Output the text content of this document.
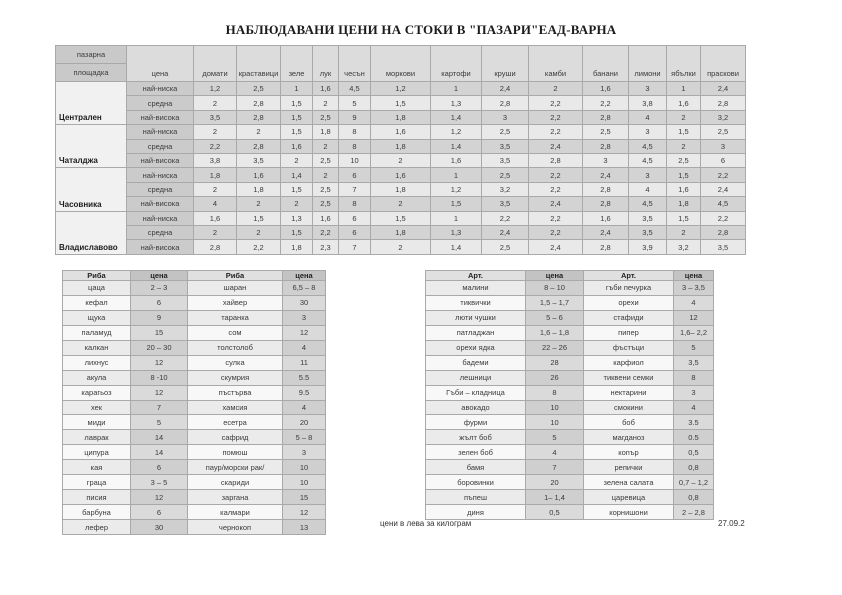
НАБЛЮДАВАНИ ЦЕНИ НА СТОКИ В "ПАЗАРИ"ЕАД-ВАРНА
пазарна	цена	домати	краставици	зеле	лук	чесън	моркови	картофи	круши	камби	банани	лимони	ябълки	праскови
площадка														
Централен	най-ниска	1,2	2,5	1	1,6	4,5	1,2	1	2,4	2	1,6	3	1	2,4
	средна	2	2,8	1,5	2	5	1,5	1,3	2,8	2,2	2,2	3,8	1,6	2,8
	най-висока	3,5	2,8	1,5	2,5	9	1,8	1,4	3	2,2	2,8	4	2	3,2
Чаталджа	най-ниска	2	2	1,5	1,8	8	1,6	1,2	2,5	2,2	2,5	3	1,5	2,5
	средна	2,2	2,8	1,6	2	8	1,8	1,4	3,5	2,4	2,8	4,5	2	3
	най-висока	3,8	3,5	2	2,5	10	2	1,6	3,5	2,8	3	4,5	2,5	6
Часовника	най-ниска	1,8	1,6	1,4	2	6	1,6	1	2,5	2,2	2,4	3	1,5	2,2
	средна	2	1,8	1,5	2,5	7	1,8	1,2	3,2	2,2	2,8	4	1,6	2,4
	най-висока	4	2	2	2,5	8	2	1,5	3,5	2,4	2,8	4,5	1,8	4,5
Владиславово	най-ниска	1,6	1,5	1,3	1,6	6	1,5	1	2,2	2,2	1,6	3,5	1,5	2,2
	средна	2	2	1,5	2,2	6	1,8	1,3	2,4	2,2	2,4	3,5	2	2,8
	най-висока	2,8	2,2	1,8	2,3	7	2	1,4	2,5	2,4	2,8	3,9	3,2	3,5
Риба	цена	Риба	цена
цаца	2 – 3	шаран	6,5 – 8
кефал	6	хайвер	30
щука	9	таранка	3
паламуд	15	сом	12
калкан	20 – 30	толстолоб	4
лихнус	12	сулка	11
акула	8 -10	скумрия	5.5
карагьоз	12	пъстърва	9.5
хек	7	хамсия	4
миди	5	есетра	20
лаврак	14	сафрид	5 – 8
ципура	14	помюш	3
кая	6	паур/морски рак/	10
граца	3 – 5	скариди	10
писия	12	заргана	15
барбуна	6	калмари	12
лефер	30	чернокоп	13
Арт.	цена	Арт.	цена
малини	8 – 10	гъби печурка	3 – 3,5
тиквички	1,5 – 1,7	орехи	4
люти чушки	5 – 6	стафиди	12
патладжан	1,6 – 1,8	пипер	1,6– 2,2
орехи ядка	22 – 26	фъстъци	5
бадеми	28	карфиол	3,5
лешници	26	тиквени семки	8
Гъби – кладница	8	нектарини	3
авокадо	10	смокини	4
фурми	10	боб	3.5
жълт боб	5	магданоз	0.5
зелен боб	4	копър	0,5
бамя	7	репички	0,8
боровинки	20	зелена салата	0,7 – 1,2
пъпеш	1– 1,4	царевица	0,8
диня	0,5	корнишони	2 – 2,8
цени в лева за килограм	27.09.2
